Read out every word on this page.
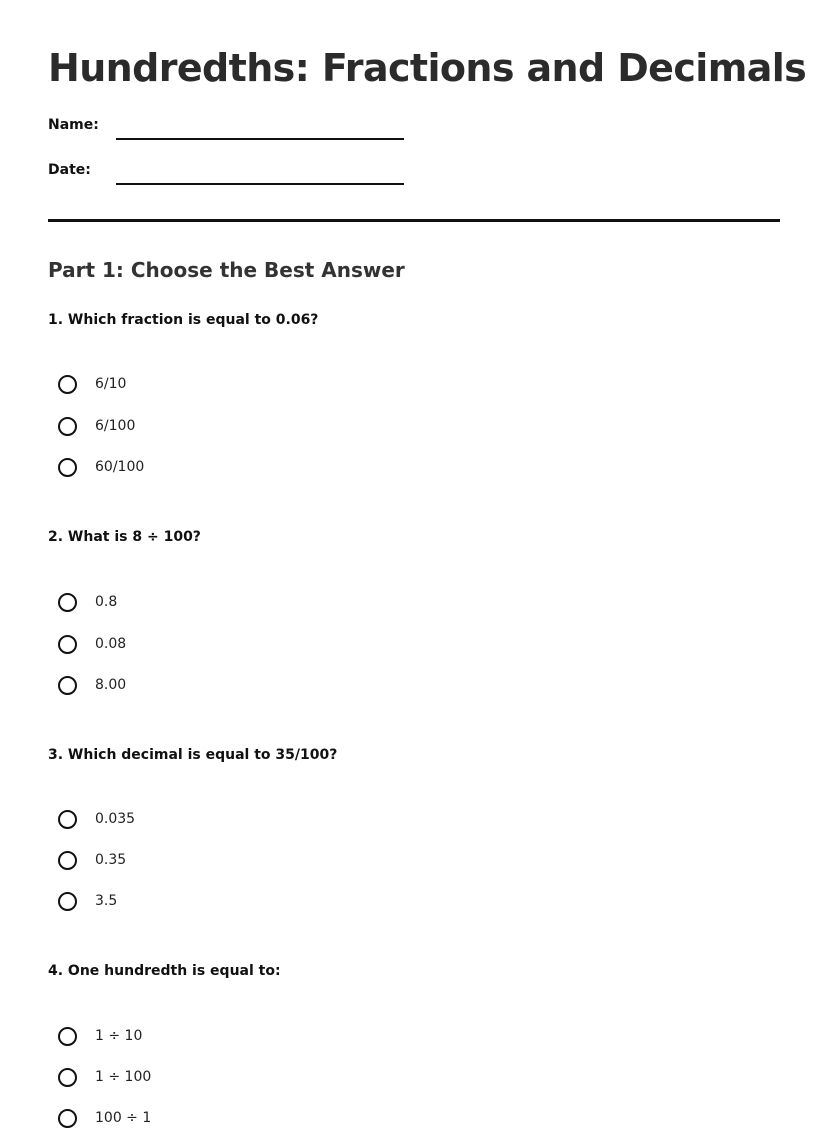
Hundredths: Fractions and Decimals
Name:
Date:
Part 1: Choose the Best Answer
1. Which fraction is equal to 0.06?
6/10
6/100
60/100
2. What is 8 ÷ 100?
0.8
0.08
8.00
3. Which decimal is equal to 35/100?
0.035
0.35
3.5
4. One hundredth is equal to:
1 ÷ 10
1 ÷ 100
100 ÷ 1
